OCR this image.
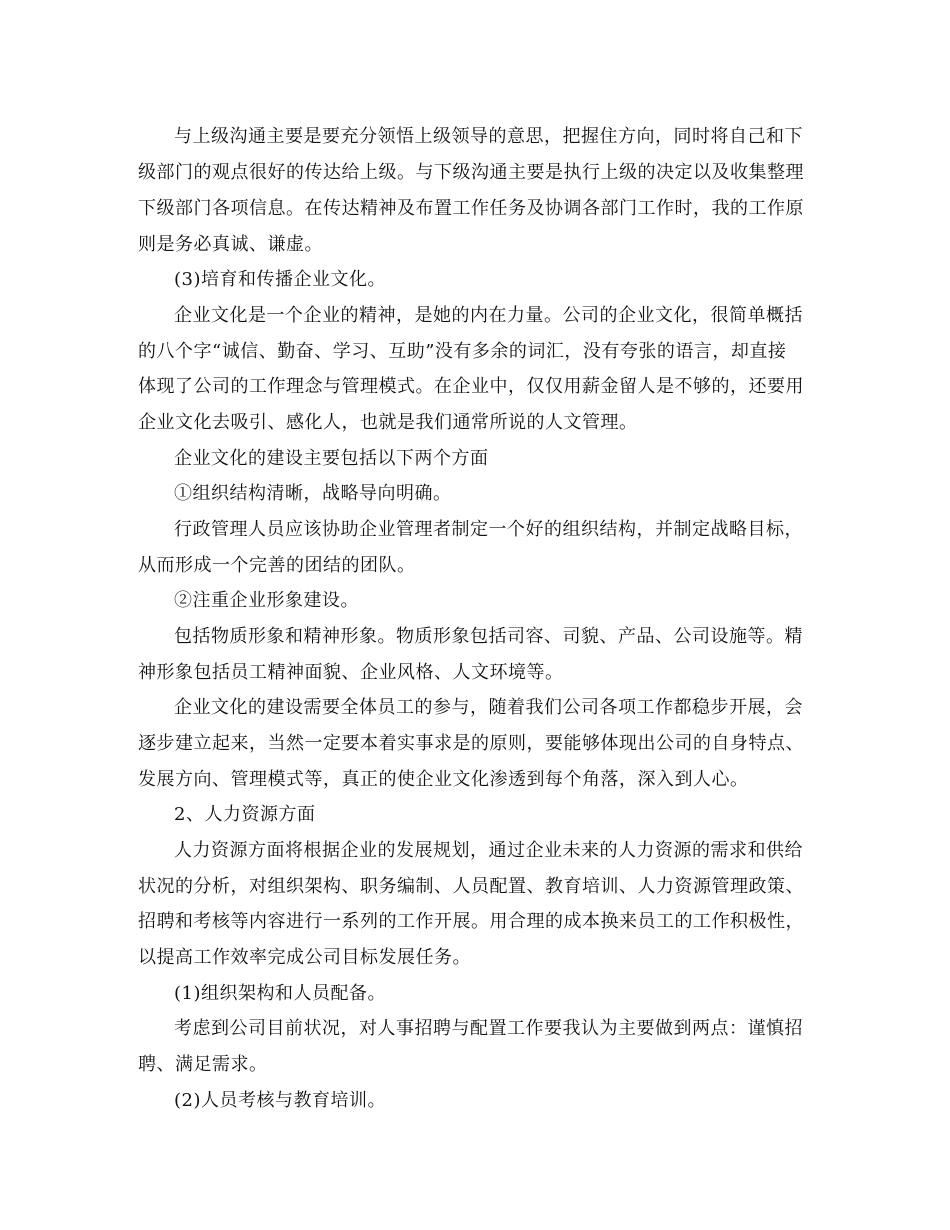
与上级沟通主要是要充分领悟上级领导的意思，把握住方向，同时将自己和下
级部门的观点很好的传达给上级。与下级沟通主要是执行上级的决定以及收集整理
下级部门各项信息。在传达精神及布置工作任务及协调各部门工作时，我的工作原
则是务必真诚、谦虚。
(3)培育和传播企业文化。
企业文化是一个企业的精神，是她的内在力量。公司的企业文化，很简单概括
的八个字“诚信、勤奋、学习、互助”没有多余的词汇，没有夸张的语言，却直接
体现了公司的工作理念与管理模式。在企业中，仅仅用薪金留人是不够的，还要用
企业文化去吸引、感化人，也就是我们通常所说的人文管理。
企业文化的建设主要包括以下两个方面
①组织结构清晰，战略导向明确。
行政管理人员应该协助企业管理者制定一个好的组织结构，并制定战略目标，
从而形成一个完善的团结的团队。
②注重企业形象建设。
包括物质形象和精神形象。物质形象包括司容、司貌、产品、公司设施等。精
神形象包括员工精神面貌、企业风格、人文环境等。
企业文化的建设需要全体员工的参与，随着我们公司各项工作都稳步开展，会
逐步建立起来，当然一定要本着实事求是的原则，要能够体现出公司的自身特点、
发展方向、管理模式等，真正的使企业文化渗透到每个角落，深入到人心。
2、人力资源方面
人力资源方面将根据企业的发展规划，通过企业未来的人力资源的需求和供给
状况的分析，对组织架构、职务编制、人员配置、教育培训、人力资源管理政策、
招聘和考核等内容进行一系列的工作开展。用合理的成本换来员工的工作积极性，
以提高工作效率完成公司目标发展任务。
(1)组织架构和人员配备。
考虑到公司目前状况，对人事招聘与配置工作要我认为主要做到两点：谨慎招
聘、满足需求。
(2)人员考核与教育培训。
